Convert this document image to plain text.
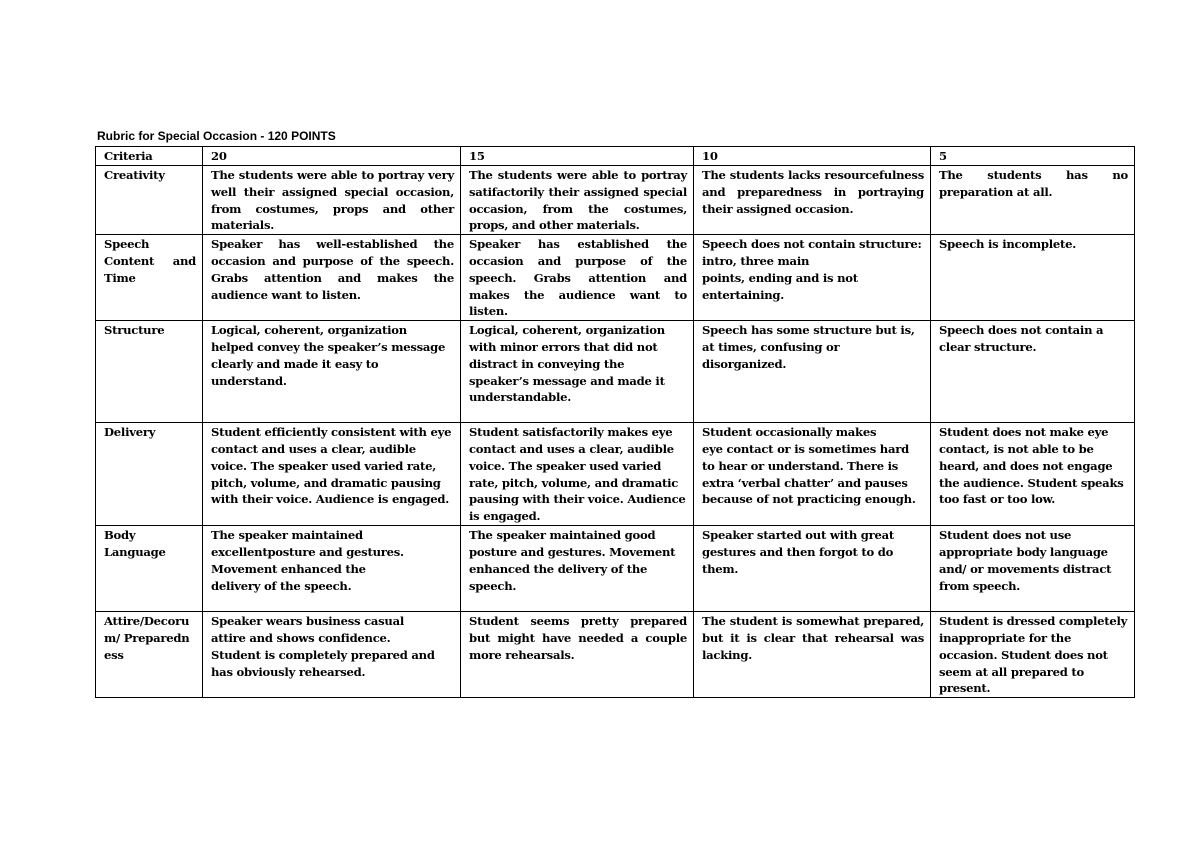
Rubric for Special Occasion - 120 POINTS
Criteria	20	15	10	5
Creativity	The students were able to portray very well their assigned special occasion, from costumes, props and other materials.	The students were able to portray satifactorily their assigned special occasion, from the costumes, props, and other materials.	The students lacks resourcefulness and preparedness in portraying their assigned occasion.	The students has no preparation at all.
Speech Content and Time	Speaker has well-established the occasion and purpose of the speech. Grabs attention and makes the audience want to listen.	Speaker has established the occasion and purpose of the speech. Grabs attention and makes the audience want to listen.	Speech does not contain structure:
intro, three main
points, ending and is not
entertaining.	Speech is incomplete.
Structure	Logical, coherent, organization
helped convey the speaker’s message clearly and made it easy to understand.	Logical, coherent, organization
with minor errors that did not
distract in conveying the speaker’s message and made it
understandable.	Speech has some structure but is, at times, confusing or disorganized.	Speech does not contain a
clear structure.
Delivery	Student efficiently consistent with eye contact and uses a clear, audible voice. The speaker used varied rate, pitch, volume, and dramatic pausing with their voice. Audience is engaged.	Student satisfactorily makes eye contact and uses a clear, audible voice. The speaker used varied rate, pitch, volume, and dramatic pausing with their voice. Audience is engaged.	Student occasionally makes
eye contact or is sometimes hard to hear or understand. There is extra ‘verbal chatter’ and pauses because of not practicing enough.	Student does not make eye contact, is not able to be heard, and does not engage the audience. Student speaks too fast or too low.
Body Language	The speaker maintained
excellentposture and gestures.
Movement enhanced the
delivery of the speech.	The speaker maintained good posture and gestures. Movement enhanced the delivery of the speech.	Speaker started out with great gestures and then forgot to do them.	Student does not use appropriate body language and/ or movements distract from speech.
Attire/Decorum/ Preparedness	Speaker wears business casual
attire and shows confidence.
Student is completely prepared and has obviously rehearsed.	Student seems pretty prepared but might have needed a couple more rehearsals.	The student is somewhat prepared, but it is clear that rehearsal was lacking.	Student is dressed completely inappropriate for the occasion. Student does not seem at all prepared to present.
